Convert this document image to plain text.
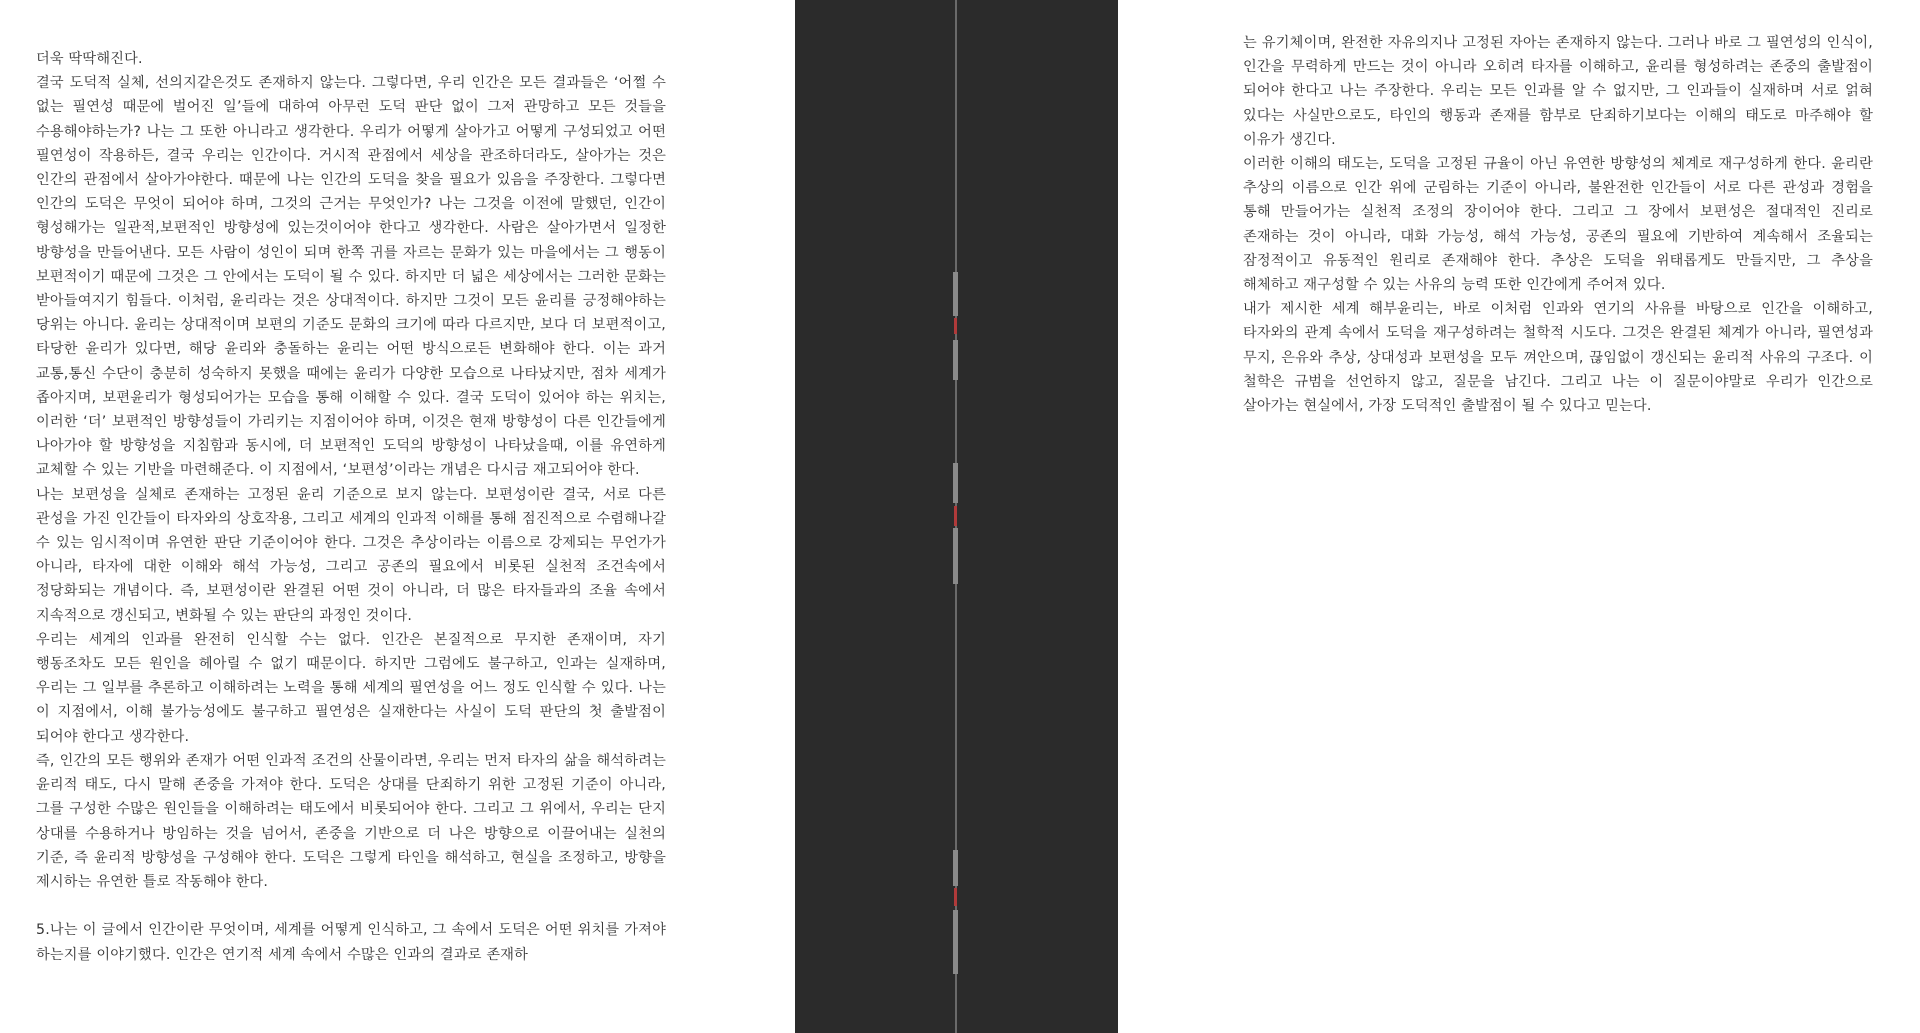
더욱 딱딱해진다.

결국 도덕적 실체, 선의지같은것도 존재하지 않는다. 그렇다면, 우리 인간은 모든 결과들은 ‘어쩔 수 없는 필연성 때문에 벌어진 일’들에 대하여 아무런 도덕 판단 없이 그저 관망하고 모든 것들을 수용해야하는가? 나는 그 또한 아니라고 생각한다. 우리가 어떻게 살아가고 어떻게 구성되었고 어떤 필연성이 작용하든, 결국 우리는 인간이다. 거시적 관점에서 세상을 관조하더라도, 살아가는 것은 인간의 관점에서 살아가야한다. 때문에 나는 인간의 도덕을 찾을 필요가 있음을 주장한다. 그렇다면 인간의 도덕은 무엇이 되어야 하며, 그것의 근거는 무엇인가? 나는 그것을 이전에 말했던, 인간이 형성해가는 일관적,보편적인 방향성에 있는것이어야 한다고 생각한다. 사람은 살아가면서 일정한 방향성을 만들어낸다. 모든 사람이 성인이 되며 한쪽 귀를 자르는 문화가 있는 마을에서는 그 행동이 보편적이기 때문에 그것은 그 안에서는 도덕이 될 수 있다. 하지만 더 넓은 세상에서는 그러한 문화는 받아들여지기 힘들다. 이처럼, 윤리라는 것은 상대적이다. 하지만 그것이 모든 윤리를 긍정해야하는 당위는 아니다. 윤리는 상대적이며 보편의 기준도 문화의 크기에 따라 다르지만, 보다 더 보편적이고, 타당한 윤리가 있다면, 해당 윤리와 충돌하는 윤리는 어떤 방식으로든 변화해야 한다. 이는 과거 교통,통신 수단이 충분히 성숙하지 못했을 때에는 윤리가 다양한 모습으로 나타났지만, 점차 세계가 좁아지며, 보편윤리가 형성되어가는 모습을 통해 이해할 수 있다. 결국 도덕이 있어야 하는 위치는, 이러한 ‘더’ 보편적인 방향성들이 가리키는 지점이어야 하며, 이것은 현재 방향성이 다른 인간들에게 나아가야 할 방향성을 지침함과 동시에, 더 보편적인 도덕의 방향성이 나타났을때, 이를 유연하게 교체할 수 있는 기반을 마련해준다. 이 지점에서, ‘보편성’이라는 개념은 다시금 재고되어야 한다.

나는 보편성을 실체로 존재하는 고정된 윤리 기준으로 보지 않는다. 보편성이란 결국, 서로 다른 관성을 가진 인간들이 타자와의 상호작용, 그리고 세계의 인과적 이해를 통해 점진적으로 수렴해나갈 수 있는 임시적이며 유연한 판단 기준이어야 한다. 그것은 추상이라는 이름으로 강제되는 무언가가 아니라, 타자에 대한 이해와 해석 가능성, 그리고 공존의 필요에서 비롯된 실천적 조건속에서 정당화되는 개념이다. 즉, 보편성이란 완결된 어떤 것이 아니라, 더 많은 타자들과의 조율 속에서 지속적으로 갱신되고, 변화될 수 있는 판단의 과정인 것이다.

우리는 세계의 인과를 완전히 인식할 수는 없다. 인간은 본질적으로 무지한 존재이며, 자기 행동조차도 모든 원인을 헤아릴 수 없기 때문이다. 하지만 그럼에도 불구하고, 인과는 실재하며, 우리는 그 일부를 추론하고 이해하려는 노력을 통해 세계의 필연성을 어느 정도 인식할 수 있다. 나는 이 지점에서, 이해 불가능성에도 불구하고 필연성은 실재한다는 사실이 도덕 판단의 첫 출발점이 되어야 한다고 생각한다.

즉, 인간의 모든 행위와 존재가 어떤 인과적 조건의 산물이라면, 우리는 먼저 타자의 삶을 해석하려는 윤리적 태도, 다시 말해 존중을 가져야 한다. 도덕은 상대를 단죄하기 위한 고정된 기준이 아니라, 그를 구성한 수많은 원인들을 이해하려는 태도에서 비롯되어야 한다. 그리고 그 위에서, 우리는 단지 상대를 수용하거나 방임하는 것을 넘어서, 존중을 기반으로 더 나은 방향으로 이끌어내는 실천의 기준, 즉 윤리적 방향성을 구성해야 한다. 도덕은 그렇게 타인을 해석하고, 현실을 조정하고, 방향을 제시하는 유연한 틀로 작동해야 한다.

5.나는 이 글에서 인간이란 무엇이며, 세계를 어떻게 인식하고, 그 속에서 도덕은 어떤 위치를 가져야 하는지를 이야기했다. 인간은 연기적 세계 속에서 수많은 인과의 결과로 존재하

는 유기체이며, 완전한 자유의지나 고정된 자아는 존재하지 않는다. 그러나 바로 그 필연성의 인식이, 인간을 무력하게 만드는 것이 아니라 오히려 타자를 이해하고, 윤리를 형성하려는 존중의 출발점이 되어야 한다고 나는 주장한다. 우리는 모든 인과를 알 수 없지만, 그 인과들이 실재하며 서로 얽혀 있다는 사실만으로도, 타인의 행동과 존재를 함부로 단죄하기보다는 이해의 태도로 마주해야 할 이유가 생긴다.

이러한 이해의 태도는, 도덕을 고정된 규율이 아닌 유연한 방향성의 체계로 재구성하게 한다. 윤리란 추상의 이름으로 인간 위에 군림하는 기준이 아니라, 불완전한 인간들이 서로 다른 관성과 경험을 통해 만들어가는 실천적 조정의 장이어야 한다. 그리고 그 장에서 보편성은 절대적인 진리로 존재하는 것이 아니라, 대화 가능성, 해석 가능성, 공존의 필요에 기반하여 계속해서 조율되는 잠정적이고 유동적인 원리로 존재해야 한다. 추상은 도덕을 위태롭게도 만들지만, 그 추상을 해체하고 재구성할 수 있는 사유의 능력 또한 인간에게 주어져 있다.

내가 제시한 세계 해부윤리는, 바로 이처럼 인과와 연기의 사유를 바탕으로 인간을 이해하고, 타자와의 관계 속에서 도덕을 재구성하려는 철학적 시도다. 그것은 완결된 체계가 아니라, 필연성과 무지, 은유와 추상, 상대성과 보편성을 모두 껴안으며, 끊임없이 갱신되는 윤리적 사유의 구조다. 이 철학은 규범을 선언하지 않고, 질문을 남긴다. 그리고 나는 이 질문이야말로 우리가 인간으로 살아가는 현실에서, 가장 도덕적인 출발점이 될 수 있다고 믿는다.
